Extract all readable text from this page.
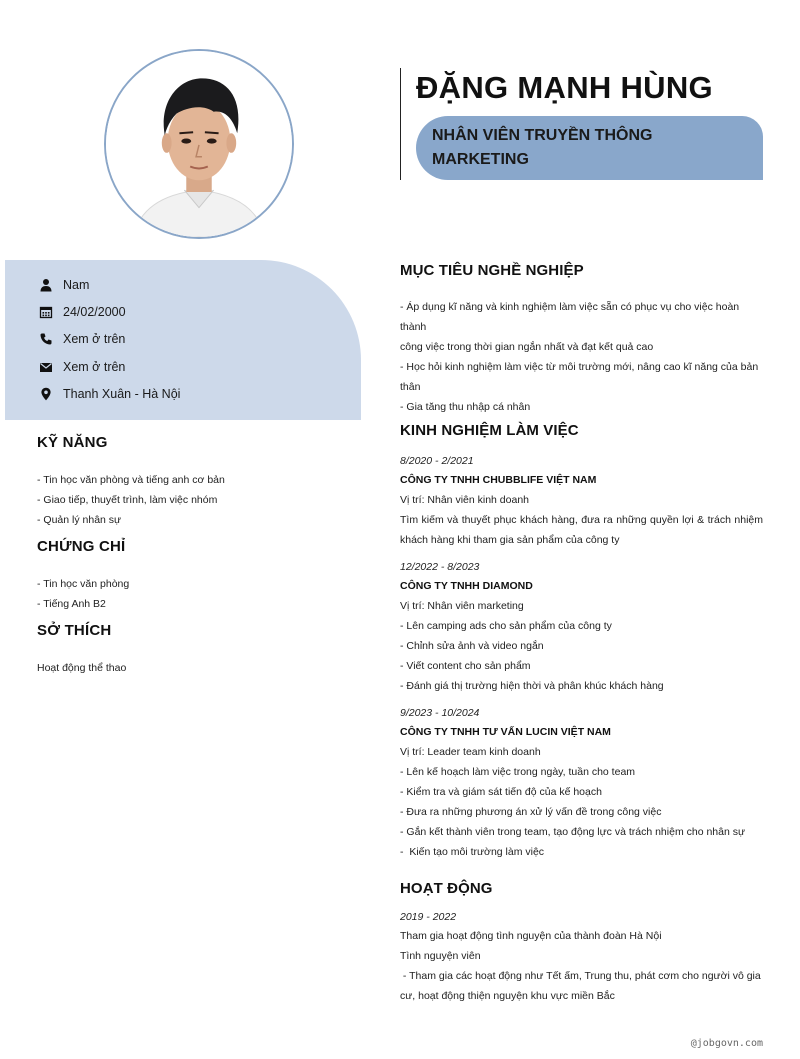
Nam
24/02/2000
Xem ở trên
Xem ở trên
Thanh Xuân - Hà Nội
KỸ NĂNG
- Tin học văn phòng và tiếng anh cơ bản
- Giao tiếp, thuyết trình, làm việc nhóm
- Quản lý nhân sự
CHỨNG CHỈ
- Tin học văn phòng
- Tiếng Anh B2
SỞ THÍCH
Hoạt động thể thao
ĐẶNG MẠNH HÙNG
NHÂN VIÊN TRUYỀN THÔNG
MARKETING
MỤC TIÊU NGHỀ NGHIỆP
- Áp dụng kĩ năng và kinh nghiệm làm việc sẵn có phục vụ cho việc hoàn thành
công việc trong thời gian ngắn nhất và đạt kết quả cao
- Học hỏi kinh nghiệm làm việc từ môi trường mới, nâng cao kĩ năng của bản
thân
- Gia tăng thu nhập cá nhân
KINH NGHIỆM LÀM VIỆC
8/2020 - 2/2021
CÔNG TY TNHH CHUBBLIFE VIỆT NAM
Vị trí: Nhân viên kinh doanh
Tìm kiếm và thuyết phục khách hàng, đưa ra những quyền lợi & trách nhiệm
khách hàng khi tham gia sản phẩm của công ty
12/2022 - 8/2023
CÔNG TY TNHH DIAMOND
Vị trí: Nhân viên marketing
- Lên camping ads cho sản phẩm của công ty
- Chỉnh sửa ảnh và video ngắn
- Viết content cho sản phẩm
- Đánh giá thị trường hiện thời và phân khúc khách hàng
9/2023 - 10/2024
CÔNG TY TNHH TƯ VẤN LUCIN VIỆT NAM
Vị trí: Leader team kinh doanh
- Lên kế hoạch làm việc trong ngày, tuần cho team
- Kiểm tra và giám sát tiến độ của kế hoạch
- Đưa ra những phương án xử lý vấn đề trong công việc
- Gắn kết thành viên trong team, tạo động lực và trách nhiệm cho nhân sự
-  Kiến tạo môi trường làm việc
HOẠT ĐỘNG
2019 - 2022
Tham gia hoạt động tình nguyện của thành đoàn Hà Nội
Tình nguyện viên
- Tham gia các hoạt động như Tết ấm, Trung thu, phát cơm cho người vô gia
cư, hoạt động thiện nguyện khu vực miền Bắc
@jobgovn.com
